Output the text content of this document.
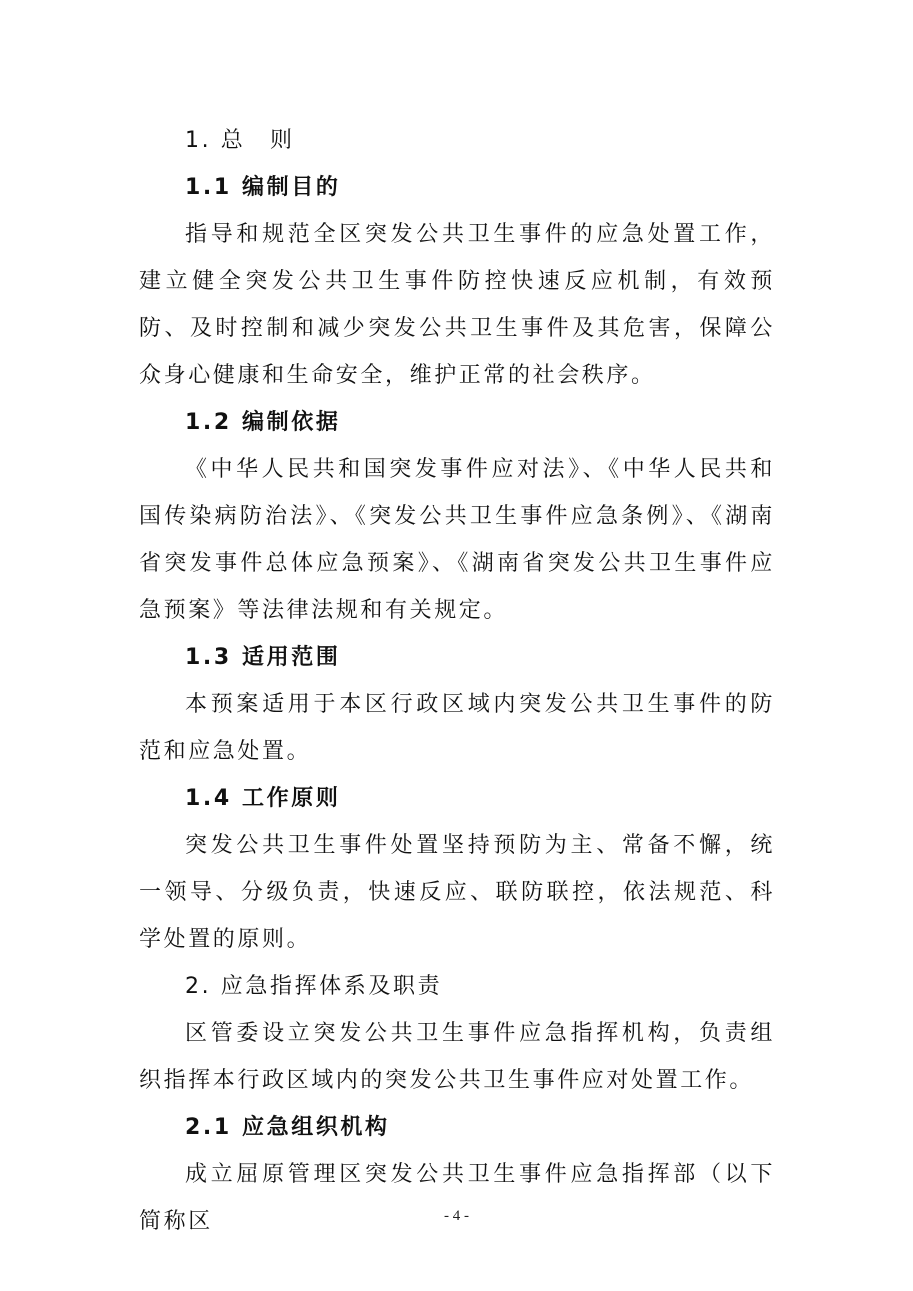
1. 总　则
1.1 编制目的
指导和规范全区突发公共卫生事件的应急处置工作，建立健全突发公共卫生事件防控快速反应机制，有效预防、及时控制和减少突发公共卫生事件及其危害，保障公众身心健康和生命安全，维护正常的社会秩序。
1.2 编制依据
《中华人民共和国突发事件应对法》、《中华人民共和国传染病防治法》、《突发公共卫生事件应急条例》、《湖南省突发事件总体应急预案》、《湖南省突发公共卫生事件应急预案》等法律法规和有关规定。
1.3 适用范围
本预案适用于本区行政区域内突发公共卫生事件的防范和应急处置。
1.4 工作原则
突发公共卫生事件处置坚持预防为主、常备不懈，统一领导、分级负责，快速反应、联防联控，依法规范、科学处置的原则。
2. 应急指挥体系及职责
区管委设立突发公共卫生事件应急指挥机构，负责组织指挥本行政区域内的突发公共卫生事件应对处置工作。
2.1 应急组织机构
成立屈原管理区突发公共卫生事件应急指挥部（以下简称区	- 4 -
